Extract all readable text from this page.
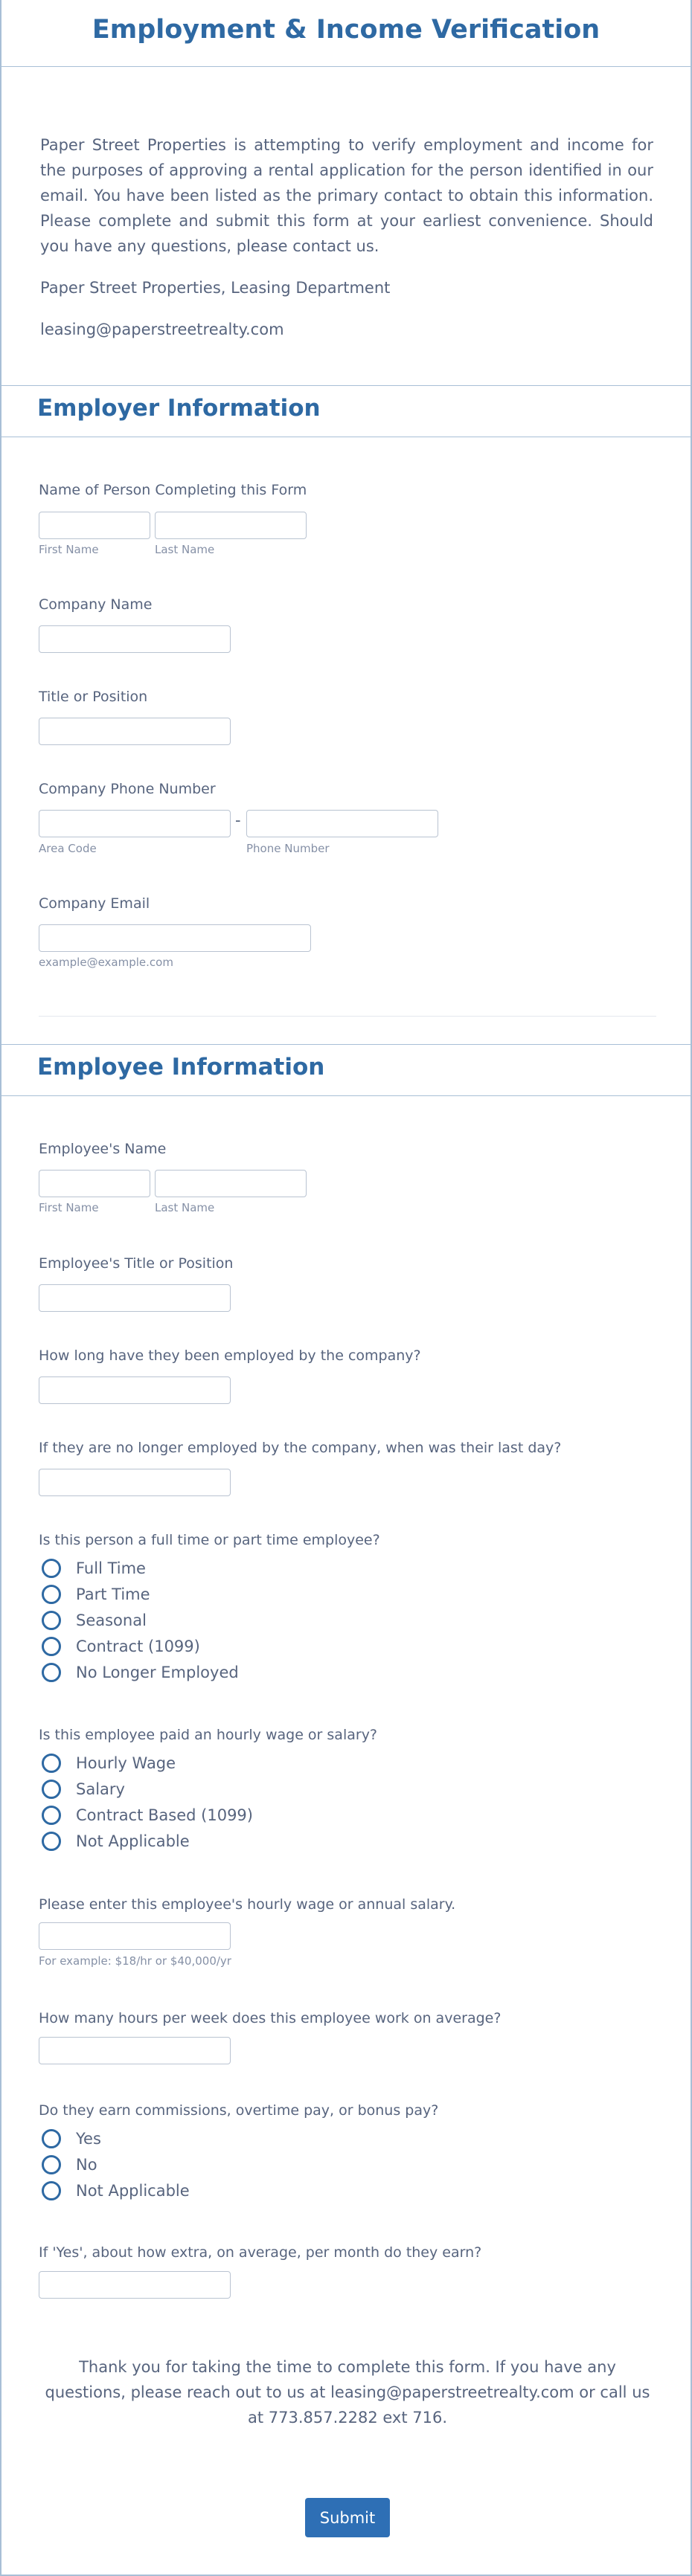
Employment & Income Verification

Paper Street Properties is attempting to verify employment and income for the purposes of approving a rental application for the person identified in our email. You have been listed as the primary contact to obtain this information. Please complete and submit this form at your earliest convenience. Should you have any questions, please contact us.

Paper Street Properties, Leasing Department

leasing@paperstreetrealty.com

Employer Information
Name of Person Completing this Form
First Name	Last Name
Company Name
Title or Position
Company Phone Number
-
Area Code	Phone Number
Company Email
example@example.com
Employee Information
Employee's Name
First Name	Last Name
Employee's Title or Position
How long have they been employed by the company?
If they are no longer employed by the company, when was their last day?
Is this person a full time or part time employee?
Full Time
Part Time
Seasonal
Contract (1099)
No Longer Employed
Is this employee paid an hourly wage or salary?
Hourly Wage
Salary
Contract Based (1099)
Not Applicable
Please enter this employee's hourly wage or annual salary.
For example: $18/hr or $40,000/yr
How many hours per week does this employee work on average?
Do they earn commissions, overtime pay, or bonus pay?
Yes
No
Not Applicable
If 'Yes', about how extra, on average, per month do they earn?
Thank you for taking the time to complete this form. If you have any questions, please reach out to us at leasing@paperstreetrealty.com or call us at 773.857.2282 ext 716.
Submit
